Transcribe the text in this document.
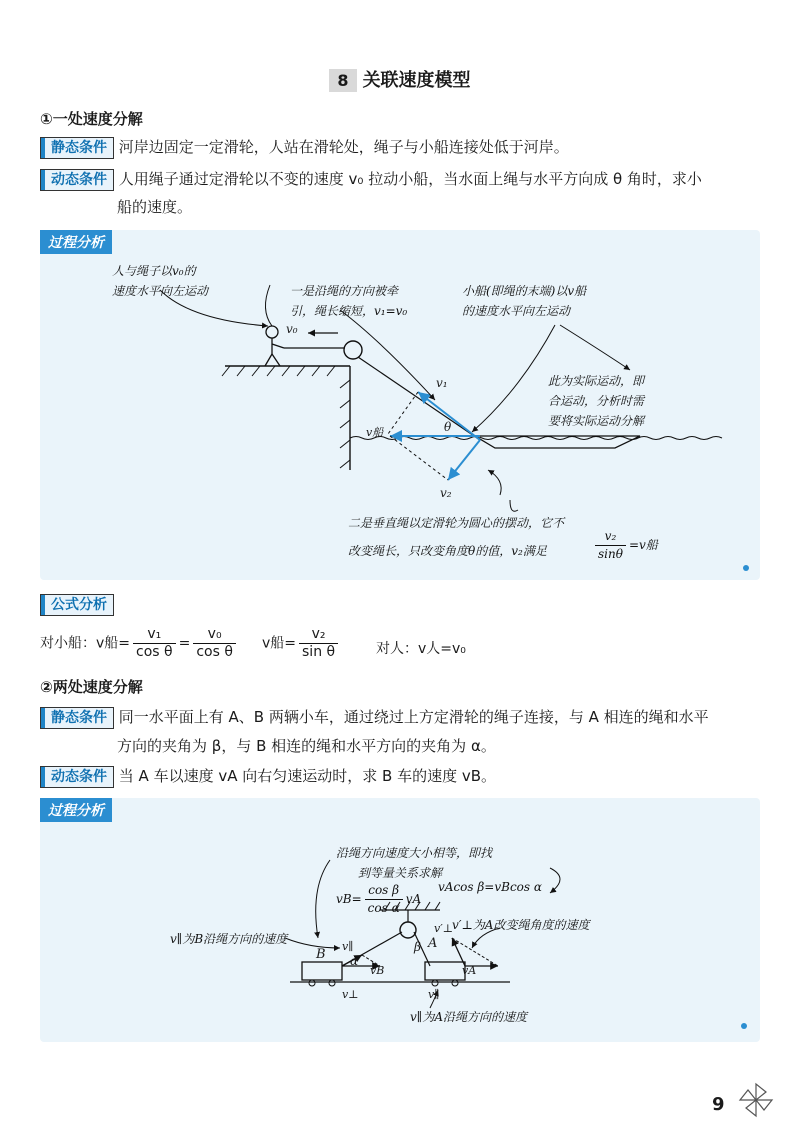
8 关联速度模型
①一处速度分解
静态条件 河岸边固定一定滑轮，人站在滑轮处，绳子与小船连接处低于河岸。
动态条件 人用绳子通过定滑轮以不变的速度 v₀ 拉动小船，当水面上绳与水平方向成 θ 角时，求小
船的速度。
过程分析
人与绳子以v₀的
速度水平向左运动	一是沿绳的方向被牵
引，绳长缩短，v₁=v₀
小船(即绳的末端)以v船
的速度水平向左运动
此为实际运动，即
合运动，分析时需
要将实际运动分解
二是垂直绳以定滑轮为圆心的摆动，它不
改变绳长，只改变角度θ的值，v₂满足	$\frac{\text{v₂}}{\sin\theta} =v$船
v₀
v₁
v₂
v船	θ
公式分析
对小船：v船= $\frac{\text{v₁}}{\text{cos θ}} = \frac{\text{v₀}}{\text{cos θ}}$ v船= $\frac{\text{v₂}}{\text{sin θ}}$	对人：v人=v₀
②两处速度分解
静态条件 同一水平面上有 A、B 两辆小车，通过绕过上方定滑轮的绳子连接，与 A 相连的绳和水平
方向的夹角为 β，与 B 相连的绳和水平方向的夹角为 α。
动态条件 当 A 车以速度 vA 向右匀速运动时，求 B 车的速度 vB。
过程分析
沿绳方向速度大小相等，即找
到等量关系求解
vAcos β=vBcos α
$vB= \frac{\text{cos β}}{\text{cos α}}$ vA
v∥为B沿绳方向的速度
v′⊥为A改变绳角度的速度
v∥为A沿绳方向的速度
B
A
α
β
vB	vA
v∥
v⊥
v′⊥
v∥
9
